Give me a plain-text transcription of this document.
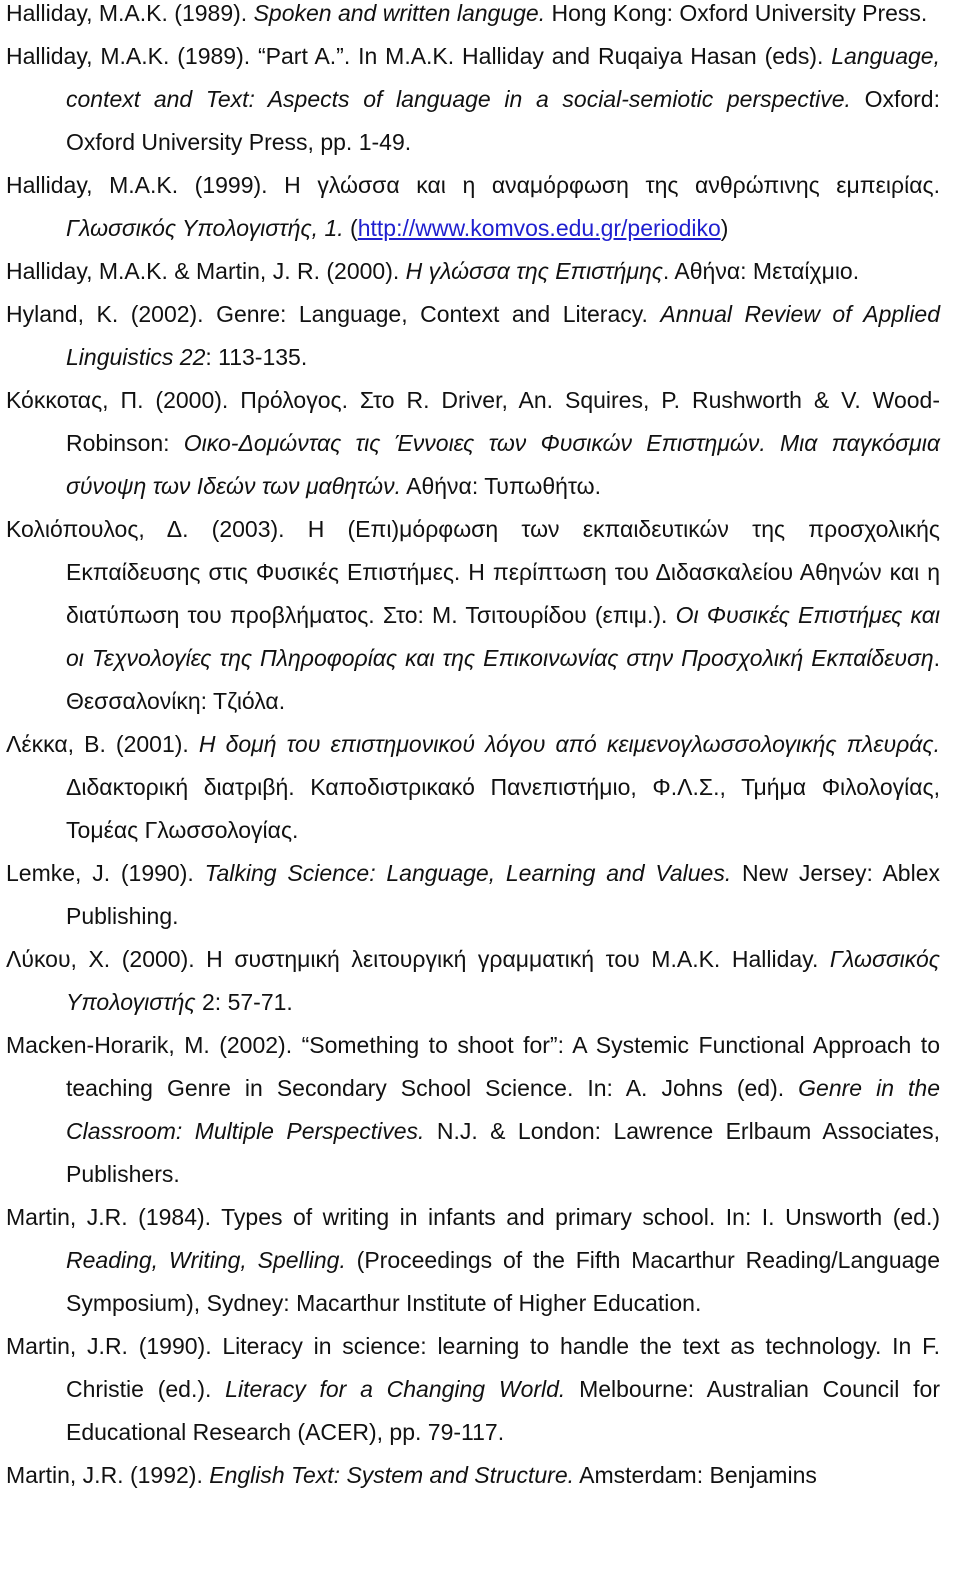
Halliday, M.A.K. (1989). Spoken and written languge. Hong Kong: Oxford University Press.

Halliday, M.A.K. (1989). “Part A.”. In M.A.K. Halliday and Ruqaiya Hasan (eds). Language, context and Text: Aspects of language in a social-semiotic perspective. Oxford: Oxford University Press, pp. 1-49.

Halliday, M.A.K. (1999). Η γλώσσα και η αναμόρφωση της ανθρώπινης εμπειρίας. Γλωσσικός Υπολογιστής, 1. (http://www.komvos.edu.gr/periodiko)

Halliday, M.A.K. & Martin, J. R. (2000). Η γλώσσα της Επιστήμης. Αθήνα: Μεταίχμιο.

Hyland, K. (2002). Genre: Language, Context and Literacy. Annual Review of Applied Linguistics 22: 113-135.

Κόκκοτας, Π. (2000). Πρόλογος. Στο R. Driver, An. Squires, P. Rushworth & V. Wood-Robinson: Οικο-Δομώντας τις Έννοιες των Φυσικών Επιστημών. Μια παγκόσμια σύνοψη των Ιδεών των μαθητών. Αθήνα: Τυπωθήτω.

Κολιόπουλος, Δ. (2003). Η (Επι)μόρφωση των εκπαιδευτικών της προσχολικής Εκπαίδευσης στις Φυσικές Επιστήμες. Η περίπτωση του Διδασκαλείου Αθηνών και η διατύπωση του προβλήματος. Στο: Μ. Τσιτουρίδου (επιμ.). Οι Φυσικές Επιστήμες και οι Τεχνολογίες της Πληροφορίας και της Επικοινωνίας στην Προσχολική Εκπαίδευση. Θεσσαλονίκη: Τζιόλα.

Λέκκα, Β. (2001). Η δομή του επιστημονικού λόγου από κειμενογλωσσολογικής πλευράς. Διδακτορική διατριβή. Καποδιστρικακό Πανεπιστήμιο, Φ.Λ.Σ., Τμήμα Φιλολογίας, Τομέας Γλωσσολογίας.

Lemke, J. (1990). Talking Science: Language, Learning and Values. New Jersey: Ablex Publishing.

Λύκου, Χ. (2000). Η συστημική λειτουργική γραμματική του M.A.K. Halliday. Γλωσσικός Υπολογιστής 2: 57-71.

Macken-Horarik, M. (2002). “Something to shoot for”: A Systemic Functional Approach to teaching Genre in Secondary School Science. In: A. Johns (ed). Genre in the Classroom: Multiple Perspectives. N.J. & London: Lawrence Erlbaum Associates, Publishers.

Martin, J.R. (1984). Types of writing in infants and primary school. In: I. Unsworth (ed.) Reading, Writing, Spelling. (Proceedings of the Fifth Macarthur Reading/Language Symposium), Sydney: Macarthur Institute of Higher Education.

Martin, J.R. (1990). Literacy in science: learning to handle the text as technology. In F. Christie (ed.). Literacy for a Changing World. Melbourne: Australian Council for Educational Research (ACER), pp. 79-117.

Martin, J.R. (1992). English Text: System and Structure. Amsterdam: Benjamins
